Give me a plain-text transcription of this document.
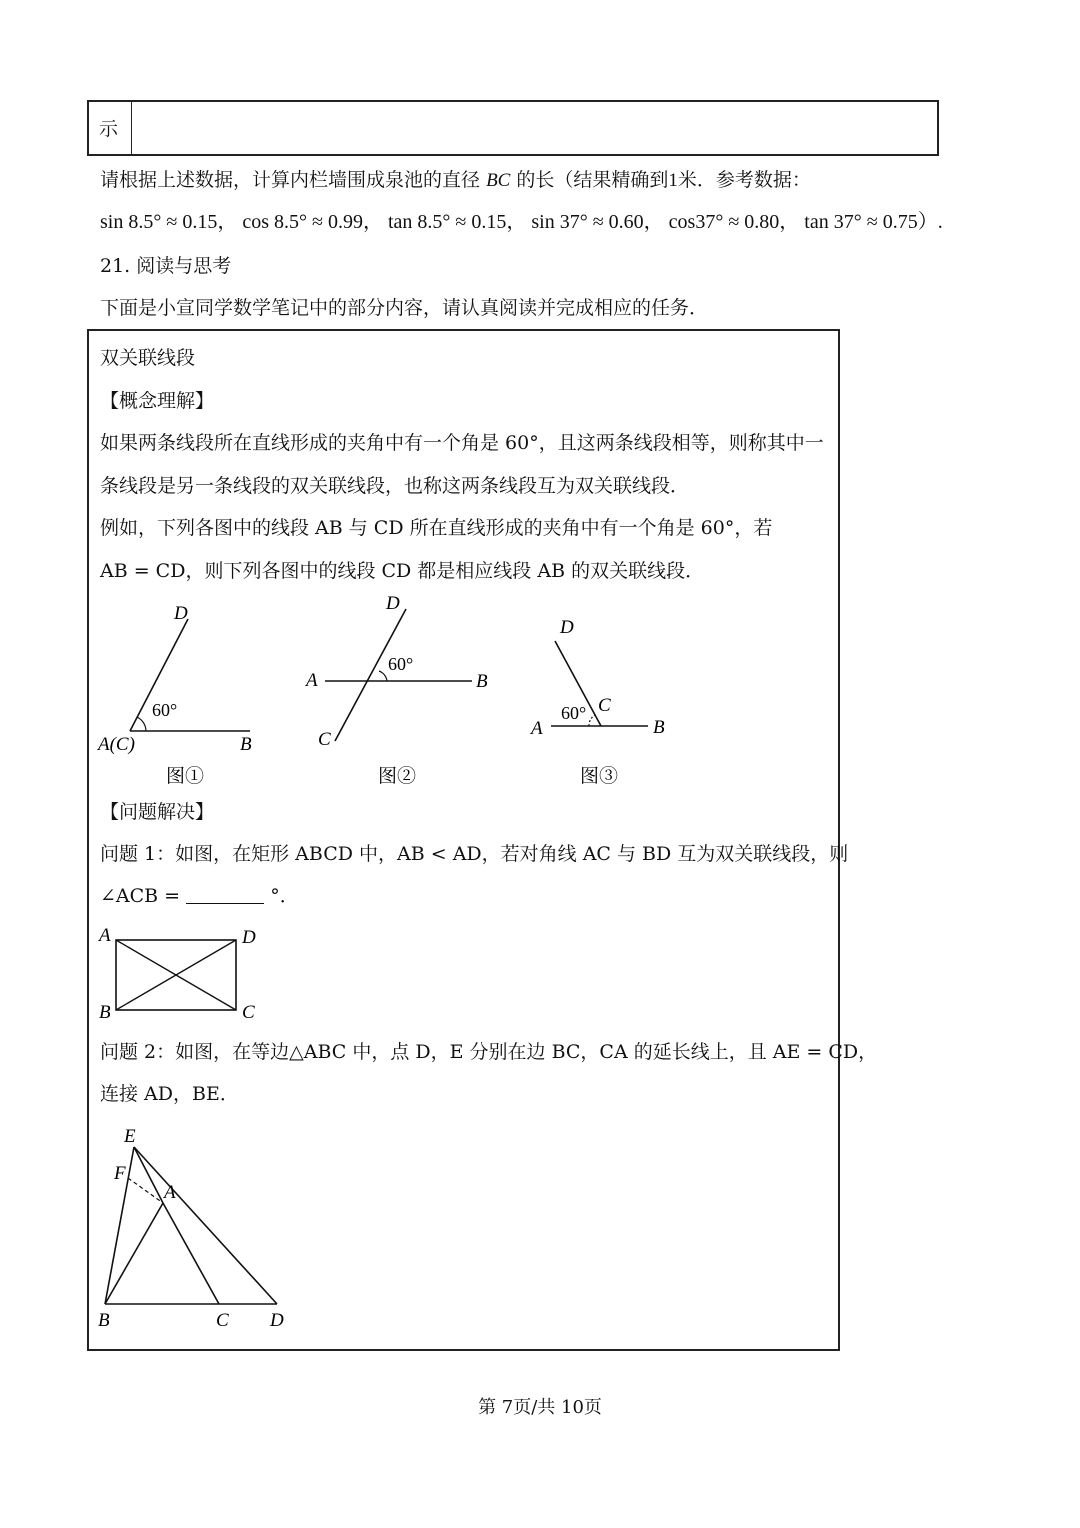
示
请根据上述数据，计算内栏墙围成泉池的直径 BC 的长（结果精确到1米．参考数据：
sin 8.5° ≈ 0.15， cos 8.5° ≈ 0.99， tan 8.5° ≈ 0.15， sin 37° ≈ 0.60， cos37° ≈ 0.80， tan 37° ≈ 0.75）.
21. 阅读与思考
下面是小宣同学数学笔记中的部分内容，请认真阅读并完成相应的任务．
双关联线段
【概念理解】
如果两条线段所在直线形成的夹角中有一个角是 60°，且这两条线段相等，则称其中一
条线段是另一条线段的双关联线段，也称这两条线段互为双关联线段．
例如，下列各图中的线段 AB 与 CD 所在直线形成的夹角中有一个角是 60°，若
AB = CD，则下列各图中的线段 CD 都是相应线段 AB 的双关联线段．
D
60°
A(C)	B
图①
D
60°
A	B
C
图②
D
60° C
A	B
图③
【问题解决】
问题 1：如图，在矩形 ABCD 中，AB < AD，若对角线 AC 与 BD 互为双关联线段，则
∠ACB =	°．
A	D
B	C
问题 2：如图，在等边△ABC 中，点 D，E 分别在边 BC，CA 的延长线上，且 AE = CD，
连接 AD，BE．
E
F
A
B	C D
第 7页/共 10页
